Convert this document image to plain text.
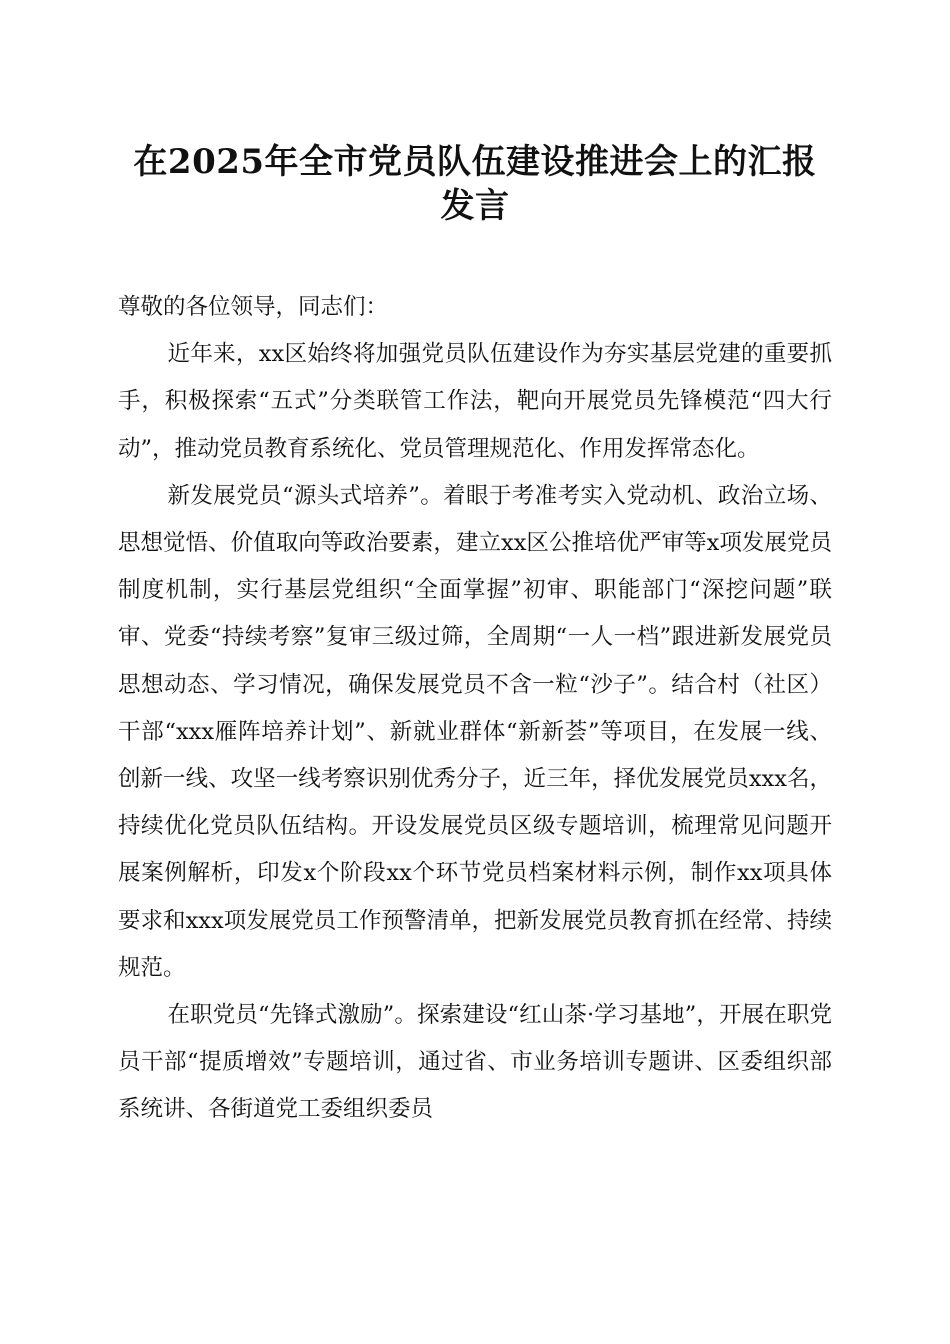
在2025年全市党员队伍建设推进会上的汇报
发言

尊敬的各位领导，同志们：

近年来，xx区始终将加强党员队伍建设作为夯实基层党建的重要抓手，积极探索“五式”分类联管工作法，靶向开展党员先锋模范“四大行动”，推动党员教育系统化、党员管理规范化、作用发挥常态化。

新发展党员“源头式培养”。着眼于考准考实入党动机、政治立场、思想觉悟、价值取向等政治要素，建立xx区公推培优严审等x项发展党员制度机制，实行基层党组织“全面掌握”初审、职能部门“深挖问题”联审、党委“持续考察”复审三级过筛，全周期“一人一档”跟进新发展党员思想动态、学习情况，确保发展党员不含一粒“沙子”。结合村（社区）干部“xxx雁阵培养计划”、新就业群体“新新荟”等项目，在发展一线、创新一线、攻坚一线考察识别优秀分子，近三年，择优发展党员xxx名，持续优化党员队伍结构。开设发展党员区级专题培训，梳理常见问题开展案例解析，印发x个阶段xx个环节党员档案材料示例，制作xx项具体要求和xxx项发展党员工作预警清单，把新发展党员教育抓在经常、持续规范。

在职党员“先锋式激励”。探索建设“红山茶·学习基地”，开展在职党员干部“提质增效”专题培训，通过省、市业务培训专题讲、区委组织部系统讲、各街道党工委组织委员
